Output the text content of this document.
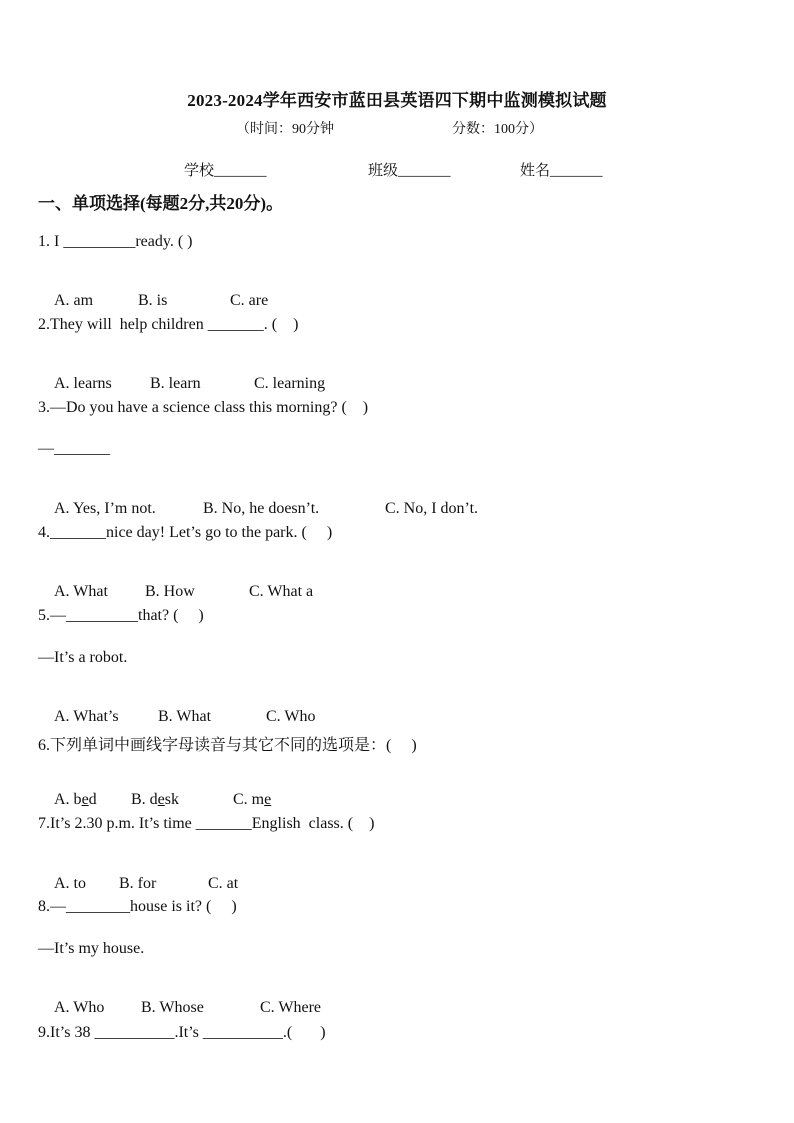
2023-2024学年西安市蓝田县英语四下期中监测模拟试题
（时间：90分钟	分数：100分）
学校_______	班级_______	姓名_______
一、单项选择(每题2分,共20分)。
1. I _________ready. ( )

A. am	B. is	C. are

2.They will  help children _______. (    )

A. learns B. learn	C. learning

3.—Do you have a science class this morning? (    )
—_______

A. Yes, I’m not.	B. No, he doesn’t.	C. No, I don’t.

4._______nice day! Let’s go to the park. (     )

A. What B. How	C. What a

5.—_________that? (     )
—It’s a robot.

A. What’s B. What	C. Who

6.下列单词中画线字母读音与其它不同的选项是：(     )

A. bed B. desk	C. me

7.It’s 2.30 p.m. It’s time _______English  class. (    )

A. to B. for	C. at

8.—________house is it? (     )
—It’s my house.

A. Who B. Whose	C. Where

9.It’s 38 __________.It’s __________.(       )
